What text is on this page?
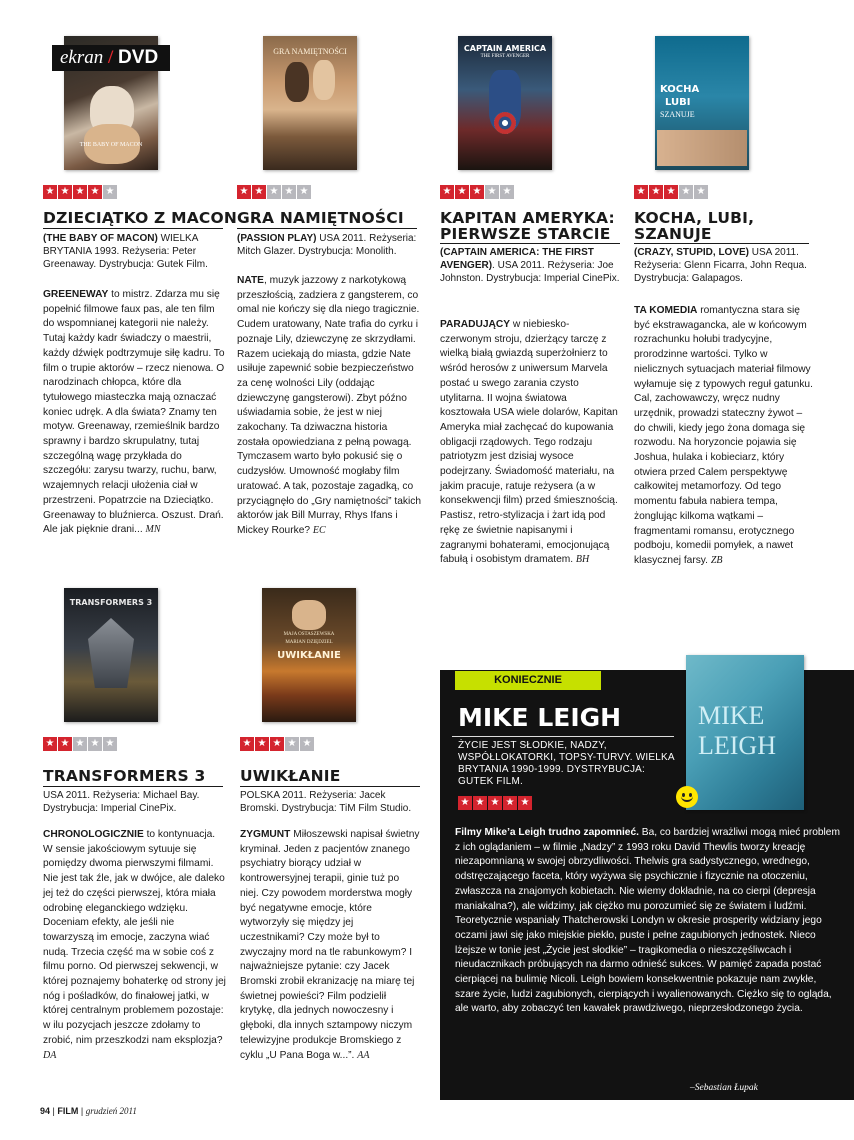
ekran / DVD
THE BABY OF MACON
GRA NAMIĘTNOŚCI	CAPTAIN AMERICA
THE FIRST AVENGER
KOCHA
LUBI
SZANUJE
TRANSFORMERS 3
MAJA OSTASZEWSKA
MARIAN DZIĘDZIEL
UWIKŁANIE
★ ★ ★ ★ ★	★ ★ ★ ★ ★	★ ★ ★ ★ ★	★ ★ ★ ★ ★
DZIECIĄTKO Z MACON GRA NAMIĘTNOŚCI KAPITAN AMERYKA:
PIERWSZE STARCIE
KOCHA, LUBI,
SZANUJE
(THE BABY OF MACON) WIELKA BRYTANIA 1993. Reżyseria: Peter Greenaway. Dystrybucja: Gutek Film.
(PASSION PLAY) USA 2011. Reżyseria: Mitch Glazer. Dystrybucja: Monolith.	(CAPTAIN AMERICA: THE FIRST AVENGER). USA 2011. Reżyseria: Joe Johnston. Dystrybucja: Imperial CinePix.
(CRAZY, STUPID, LOVE) USA 2011. Reżyseria: Glenn Ficarra, John Requa. Dystrybucja: Galapagos.
GREENEWAY to mistrz. Zdarza mu się popełnić filmowe faux pas, ale ten film do wspomnianej kategorii nie należy. Tutaj każdy kadr świadczy o maestrii, każdy dźwięk podtrzymuje siłę kadru. To film o trupie aktorów – rzecz nienowa. O narodzinach chłopca, które dla tytułowego miasteczka mają oznaczać koniec udręk. A dla świata? Znamy ten motyw. Greenaway, rzemieślnik bardzo sprawny i bardzo skrupulatny, tutaj szczególną wagę przykłada do szczegółu: zarysu twarzy, ruchu, barw, wzajemnych relacji ułożenia ciał w przestrzeni. Popatrzcie na Dzieciątko. Greenaway to bluźnierca. Oszust. Drań. Ale jak pięknie drani... MN
NATE, muzyk jazzowy z narkotykową przeszłością, zadziera z gangsterem, co omal nie kończy się dla niego tragicznie. Cudem uratowany, Nate trafia do cyrku i poznaje Lily, dziewczynę ze skrzydłami. Razem uciekają do miasta, gdzie Nate usiłuje zapewnić sobie bezpieczeństwo za cenę wolności Lily (oddając dziewczynę gangsterowi). Zbyt późno uświadamia sobie, że jest w niej zakochany. Ta dziwaczna historia została opowiedziana z pełną powagą. Tymczasem warto było pokusić się o cudzysłów. Umowność mogłaby film uratować. A tak, pozostaje zagadką, co przyciągnęło do „Gry namiętności” takich aktorów jak Bill Murray, Rhys Ifans i Mickey Rourke? EC
PARADUJĄCY w niebiesko-czerwonym stroju, dzierżący tarczę z wielką białą gwiazdą superżołnierz to wśród herosów z uniwersum Marvela postać u swego zarania czysto utylitarna. II wojna światowa kosztowała USA wiele dolarów, Kapitan Ameryka miał zachęcać do kupowania obligacji rządowych. Tego rodzaju patriotyzm jest dzisiaj wysoce podejrzany. Świadomość materiału, na jakim pracuje, ratuje reżysera (a w konsekwencji film) przed śmiesznością. Pastisz, retro-stylizacja i żart idą pod rękę ze świetnie napisanymi i zagranymi bohaterami, emocjonującą fabułą i osobistym dramatem. BH
TA KOMEDIA romantyczna stara się być ekstrawagancka, ale w końcowym rozrachunku hołubi tradycyjne, prorodzinne wartości. Tylko w nielicznych sytuacjach materiał filmowy wyłamuje się z typowych reguł gatunku. Cal, zachowawczy, wręcz nudny urzędnik, prowadzi stateczny żywot – do chwili, kiedy jego żona domaga się rozwodu. Na horyzoncie pojawia się Joshua, hulaka i kobieciarz, który otwiera przed Calem perspektywę całkowitej metamorfozy. Od tego momentu fabuła nabiera tempa, żonglując kilkoma wątkami – fragmentami romansu, erotycznego podboju, komedii pomyłek, a nawet klasycznej farsy. ZB
★ ★ ★ ★ ★	★ ★ ★ ★ ★
TRANSFORMERS 3 UWIKŁANIE
USA 2011. Reżyseria: Michael Bay. Dystrybucja: Imperial CinePix.
POLSKA 2011. Reżyseria: Jacek Bromski. Dystrybucja: TiM Film Studio.
CHRONOLOGICZNIE to kontynuacja. W sensie jakościowym sytuuje się pomiędzy dwoma pierwszymi filmami. Nie jest tak źle, jak w dwójce, ale daleko jej też do części pierwszej, która miała odrobinę eleganckiego wdzięku. Doceniam efekty, ale jeśli nie towarzyszą im emocje, zaczyna wiać nudą. Trzecia część ma w sobie coś z filmu porno. Od pierwszej sekwencji, w której poznajemy bohaterkę od strony jej nóg i pośladków, do finałowej jatki, w której centralnym problemem pozostaje: w ilu pozycjach jeszcze zdołamy to zrobić, nim przeszkodzi nam eksplozja? DA
ZYGMUNT Miłoszewski napisał świetny kryminał. Jeden z pacjentów znanego psychiatry biorący udział w kontrowersyjnej terapii, ginie tuż po niej. Czy powodem morderstwa mogły być negatywne emocje, które wytworzyły się między jej uczestnikami? Czy może był to zwyczajny mord na tle rabunkowym? I najważniejsze pytanie: czy Jacek Bromski zrobił ekranizację na miarę tej świetnej powieści? Film podzielił krytykę, dla jednych nowoczesny i głęboki, dla innych sztampowy niczym telewizyjne produkcje Bromskiego z cyklu „U Pana Boga w...”. AA
KONIECZNIE
MIKE LEIGH
ŻYCIE JEST SŁODKIE, NADZY, WSPÓŁLOKATORKI, TOPSY-TURVY. WIELKA BRYTANIA 1990-1999. DYSTRYBUCJA: GUTEK FILM.
★ ★ ★ ★ ★
MIKE
LEIGH
Filmy Mike’a Leigh trudno zapomnieć. Ba, co bardziej wrażliwi mogą mieć problem z ich oglądaniem – w filmie „Nadzy” z 1993 roku David Thewlis tworzy kreację niezapomnianą w swojej obrzydliwości. Thelwis gra sadystycznego, wrednego, odstręczającego faceta, który wyżywa się psychicznie i fizycznie na otoczeniu, zwłaszcza na znajomych kobietach. Nie wiemy dokładnie, na co cierpi (depresja maniakalna?), ale widzimy, jak ciężko mu porozumieć się ze światem i ludźmi. Teoretycznie wspaniały Thatcherowski Londyn w okresie prosperity widziany jego oczami jawi się jako miejskie piekło, puste i pełne zagubionych jednostek. Nieco lżejsze w tonie jest „Życie jest słodkie” – tragikomedia o nieszczęśliwcach i nieudacznikach próbujących na darmo odnieść sukces. W pamięć zapada postać cierpiącej na bulimię Nicoli. Leigh bowiem konsekwentnie pokazuje nam zwykłe, szare życie, ludzi zagubionych, cierpiących i wyalienowanych. Ciężko się to ogląda, ale warto, aby zobaczyć ten kawałek prawdziwego, nieprzesłodzonego życia.
–Sebastian Łupak
94 | FILM | grudzień 2011
